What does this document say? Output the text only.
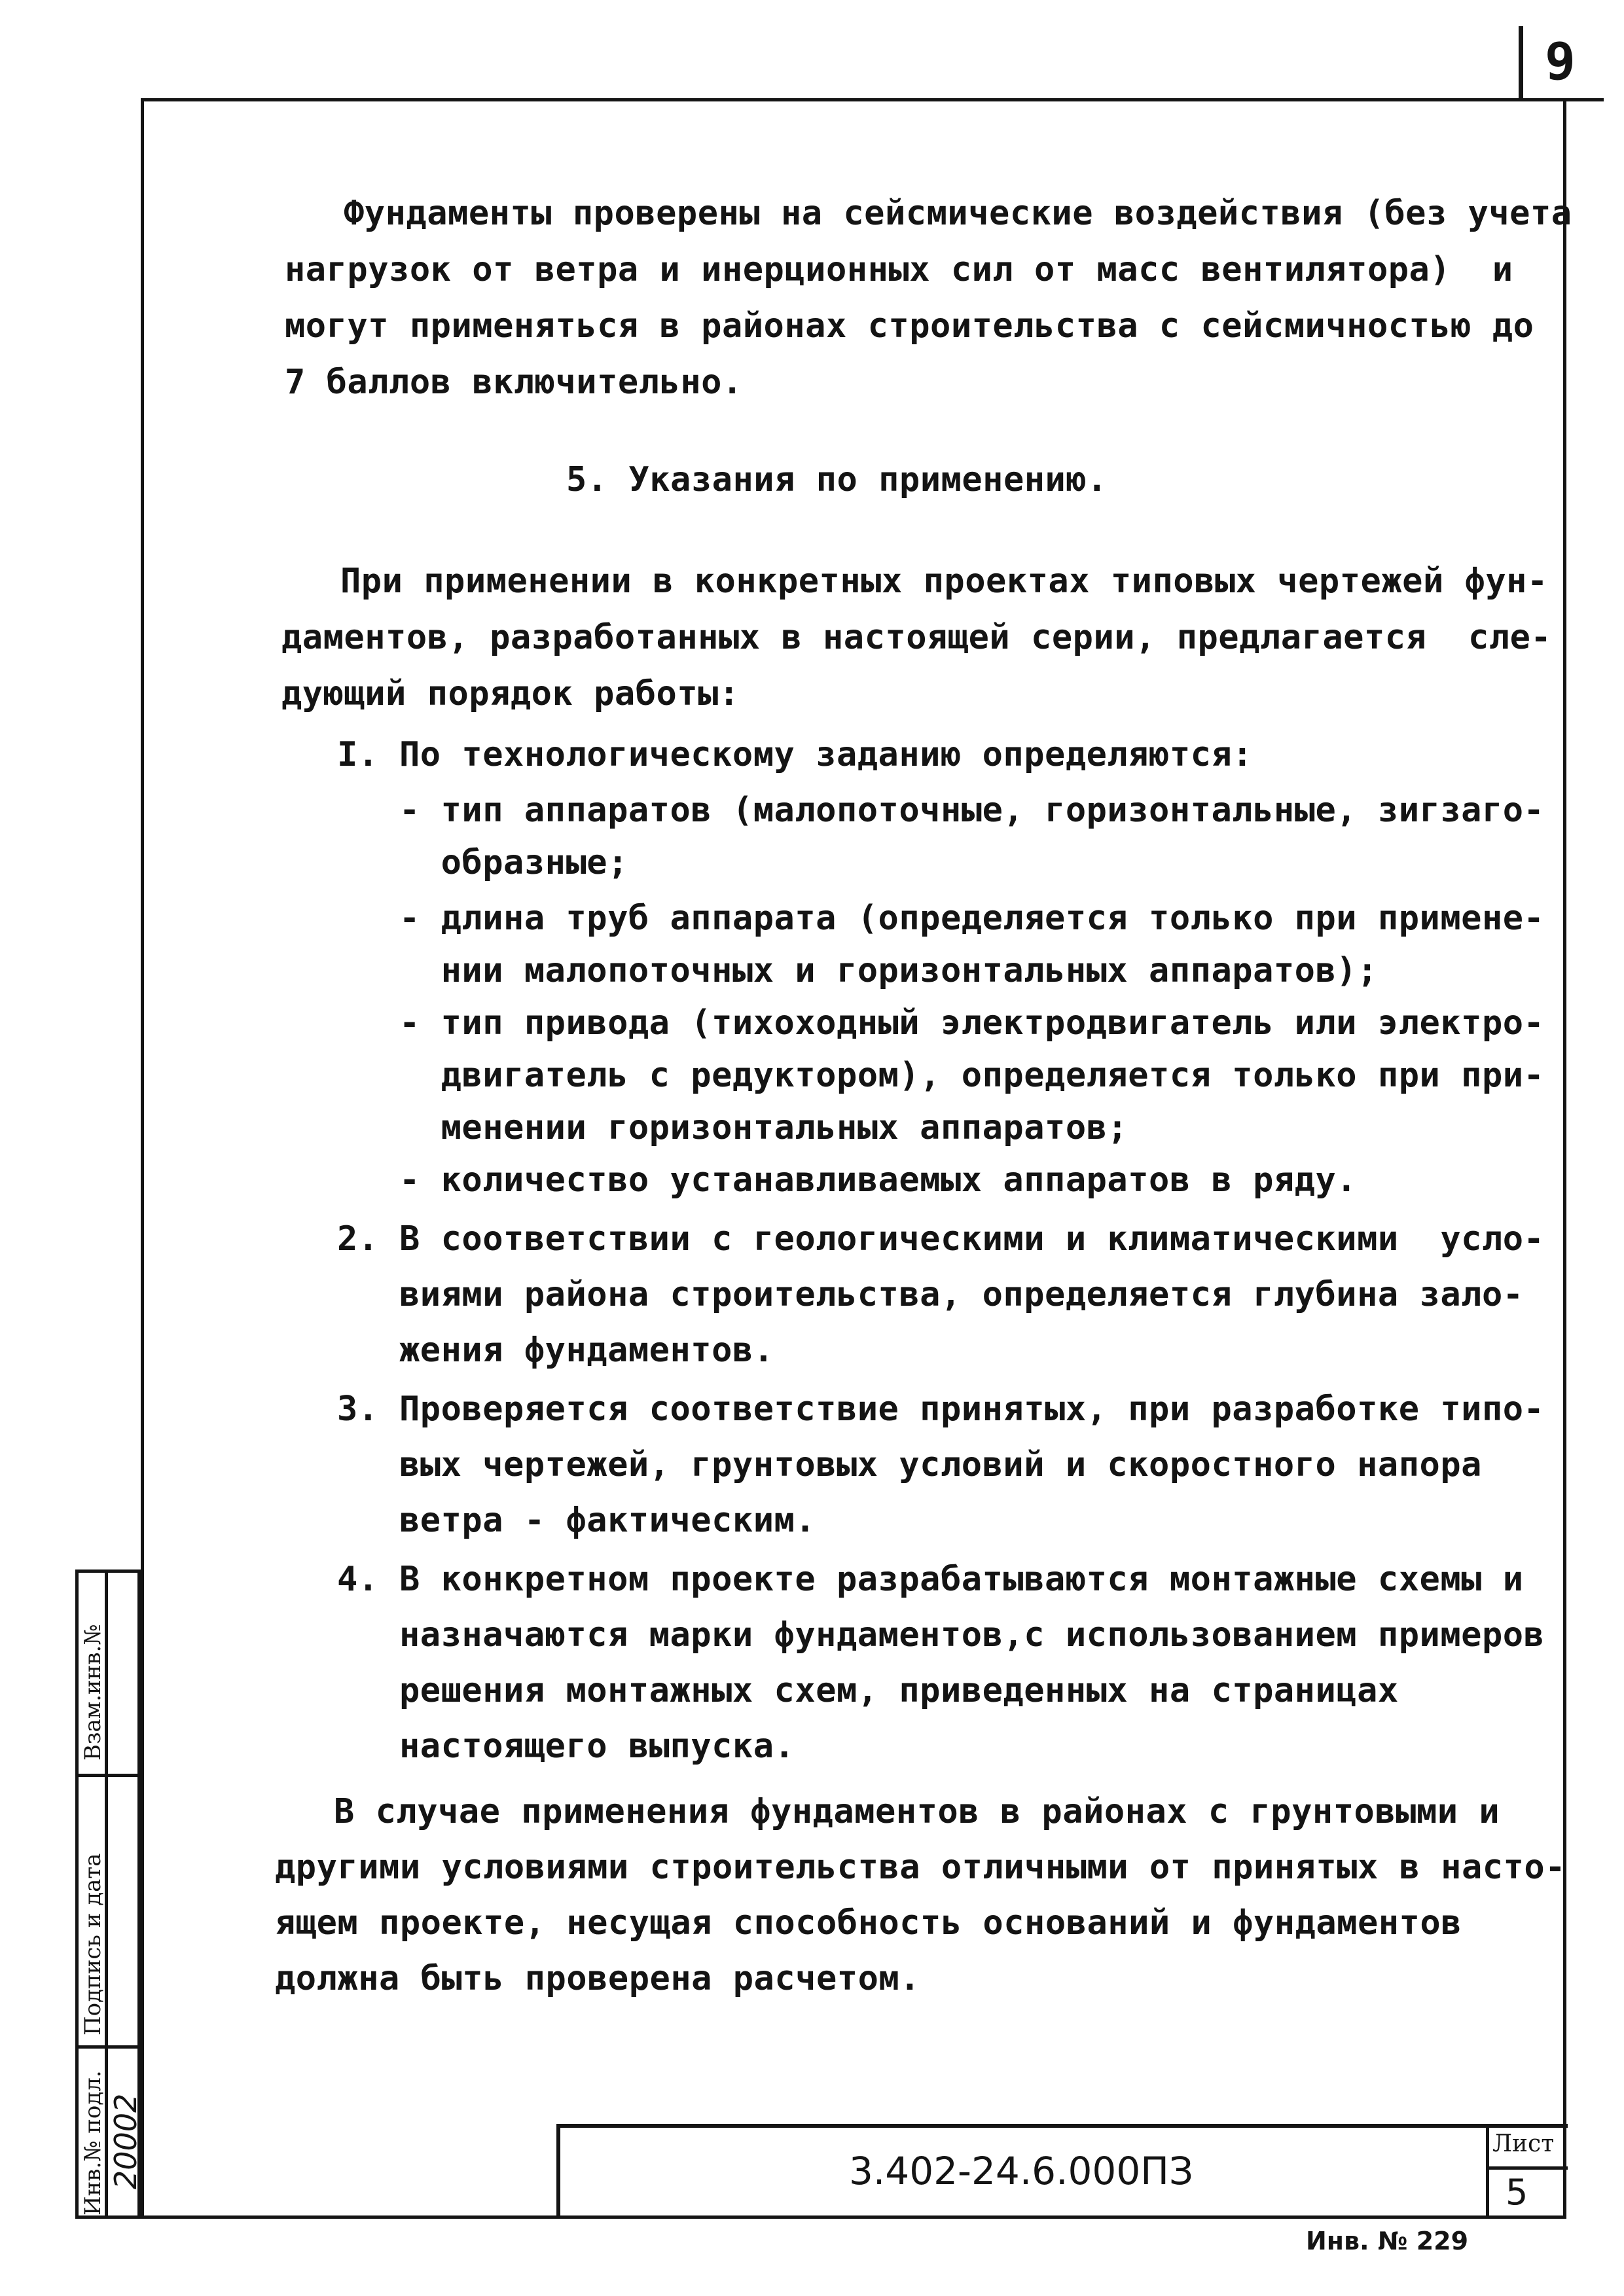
9
Фундаменты проверены на сейсмические воздействия (без учета
нагрузок от ветра и инерционных сил от масс вентилятора)  и
могут применяться в районах строительства с сейсмичностью до
7 баллов включительно.
5. Указания по применению.
При применении в конкретных проектах типовых чертежей фун-
даментов, разработанных в настоящей серии, предлагается  сле-
дующий порядок работы:
I. По технологическому заданию определяются:
- тип аппаратов (малопоточные, горизонтальные, зигзаго-
образные;
- длина труб аппарата (определяется только при примене-
нии малопоточных и горизонтальных аппаратов);
- тип привода (тихоходный электродвигатель или электро-
двигатель с редуктором), определяется только при при-
менении горизонтальных аппаратов;
- количество устанавливаемых аппаратов в ряду.
2. В соответствии с геологическими и климатическими  усло-
виями района строительства, определяется глубина зало-
жения фундаментов.
3. Проверяется соответствие принятых, при разработке типо-
вых чертежей, грунтовых условий и скоростного напора
ветра - фактическим.
4. В конкретном проекте разрабатываются монтажные схемы и
назначаются марки фундаментов,с использованием примеров
решения монтажных схем, приведенных на страницах
настоящего выпуска.
В случае применения фундаментов в районах с грунтовыми и
другими условиями строительства отличными от принятых в насто-
ящем проекте, несущая способность оснований и фундаментов
должна быть проверена расчетом.
Инв.№ подл. 20002
Подпись и дата
Взам.инв.№
3.402-24.6.000ПЗ
Лист
5
Инв. № 229
